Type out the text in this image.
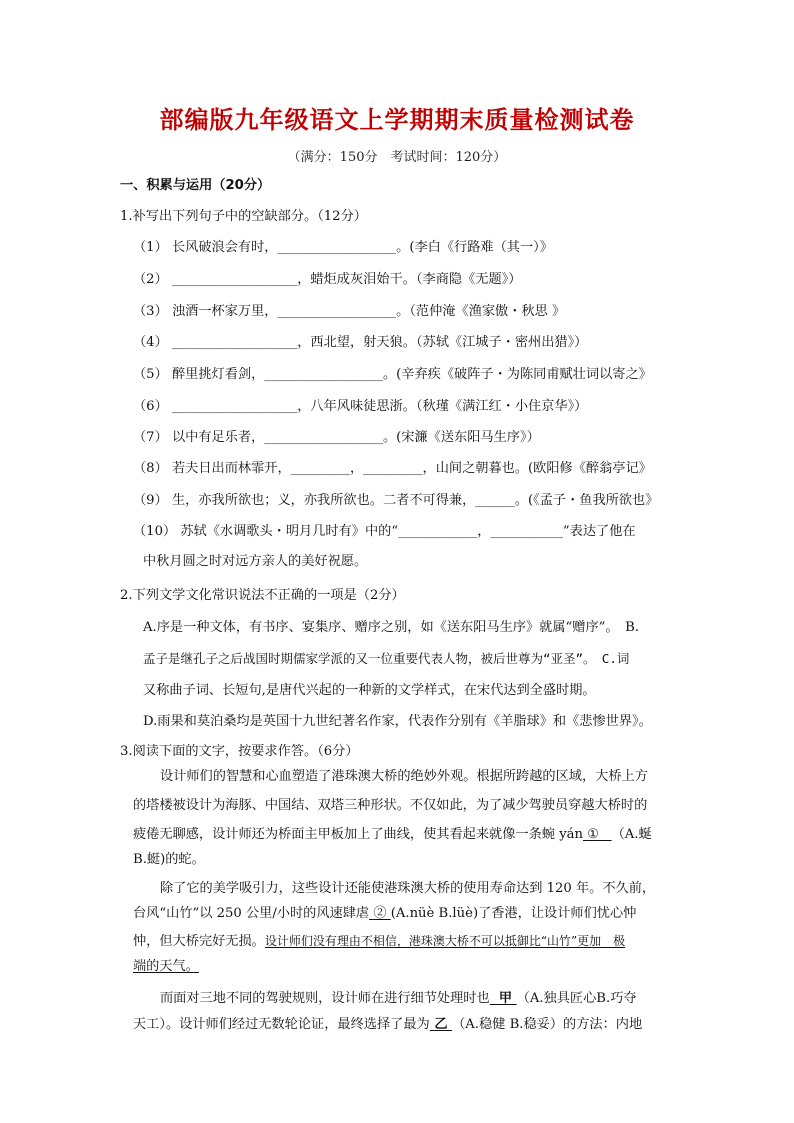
部编版九年级语文上学期期末质量检测试卷
（满分：150分　考试时间：120分）
一、积累与运用（20分）
1.补写出下列句子中的空缺部分。（12分）
（1） 长风破浪会有时，__________________。(李白《行路难（其一）》
（2） ___________________，蜡炬成灰泪始干。（李商隐《无题》）
（3） 浊酒一杯家万里，__________________。（范仲淹《渔家傲・秋思 》
（4） ___________________，西北望，射天狼。（苏轼《江城子・密州出猎》）
（5） 醉里挑灯看剑，__________________。(辛弃疾《破阵子・为陈同甫赋壮词以寄之》
（6） ___________________，八年风味徒思浙。（秋瑾《满江红・小住京华》）
（7） 以中有足乐者，__________________。(宋濂《送东阳马生序》）
（8） 若夫日出而林霏开，_________，_________，山间之朝暮也。(欧阳修《醉翁亭记》
（9） 生，亦我所欲也；义，亦我所欲也。二者不可得兼，______。(《孟子・鱼我所欲也》
（10） 苏轼《水调歌头・明月几时有》中的“____________，___________”表达了他在
中秋月圆之时对远方亲人的美好祝愿。
2.下列文学文化常识说法不正确的一项是（2分）
A.序是一种文体，有书序、宴集序、赠序之别，如《送东阳马生序》就属“赠序”。　B.
孟子是继孔子之后战国时期儒家学派的又一位重要代表人物，被后世尊为“亚圣”。　C.词
又称曲子词、长短句,是唐代兴起的一种新的文学样式，在宋代达到全盛时期。
D.雨果和莫泊桑均是英国十九世纪著名作家，代表作分别有《羊脂球》和《悲惨世界》。
3.阅读下面的文字，按要求作答。（6分）
设计师们的智慧和心血塑造了港珠澳大桥的绝妙外观。根据所跨越的区域，大桥上方
的塔楼被设计为海豚、中国结、双塔三种形状。不仅如此，为了减少驾驶员穿越大桥时的
疲倦无聊感，设计师还为桥面主甲板加上了曲线，使其看起来就像一条蜿 yán ① （A.蜒
B.蜓)的蛇。
除了它的美学吸引力，这些设计还能使港珠澳大桥的使用寿命达到 120 年。不久前，
台风“山竹”以 250 公里/小时的风速肆虐 ② (A.nüè B.lüè)了香港，让设计师们忧心忡
忡，但大桥完好无损。设计师们没有理由不相信，港珠澳大桥不可以抵御比“山竹”更加　极
端的天气。
而面对三地不同的驾驶规则，设计师在进行细节处理时也 甲 （A.独具匠心B.巧夺
天工）。设计师们经过无数轮论证，最终选择了最为 乙 （A.稳健 B.稳妥）的方法：内地
